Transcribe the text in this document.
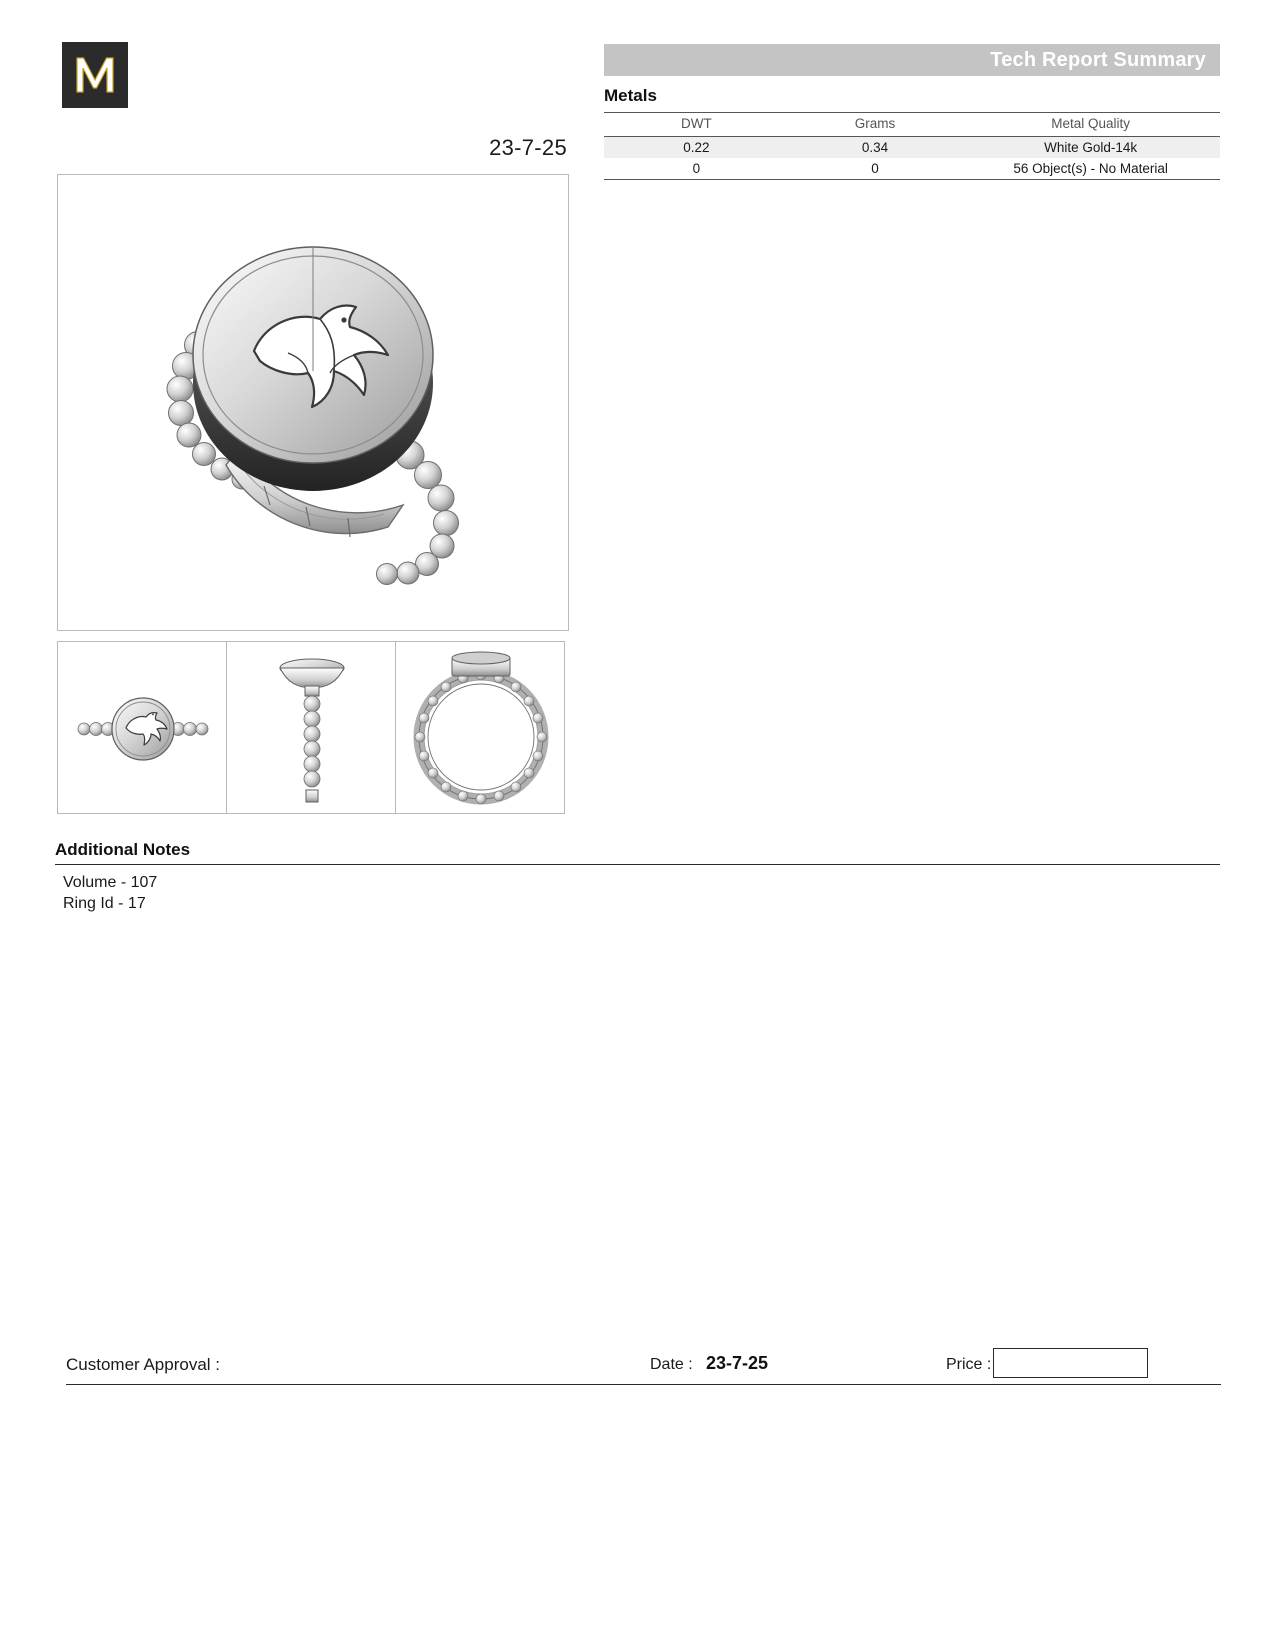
23-7-25
Additional Notes
Volume - 107
Ring Id - 17
Tech Report Summary
Metals
DWT	Grams	Metal Quality
0.22	0.34	White Gold-14k
0	0	56 Object(s) - No Material
Customer Approval :	Date : 23-7-25	Price :
